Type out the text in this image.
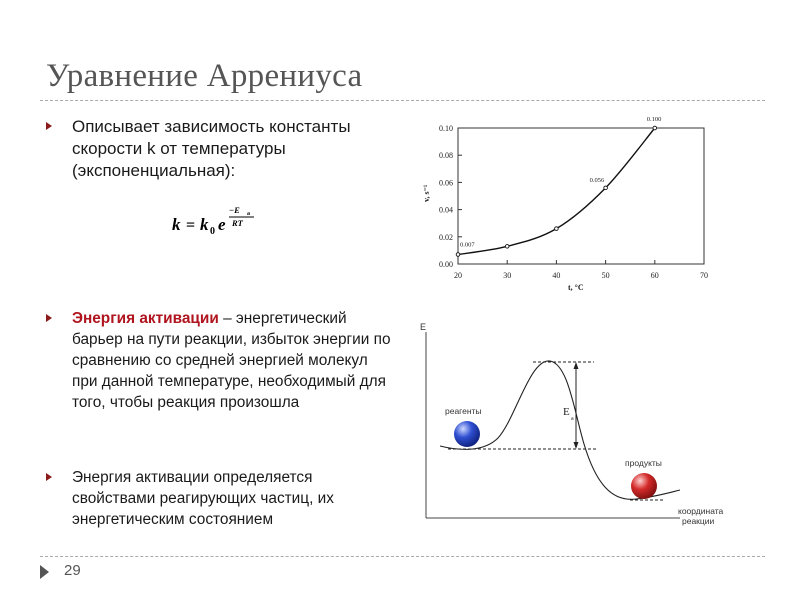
Уравнение Аррениуса
Описывает зависимость константы скорости k от температуры (экспоненциальная):
k = k 0 e
−E a
RT
Энергия активации – энергетический барьер на пути реакции, избыток энергии по сравнению со средней энергией молекул при данной температуре, необходимый для того, чтобы реакция произошла
Энергия активации определяется свойствами реагирующих частиц, их энергетическим состоянием
20	30	40	50	60	70
0.00
0.02
0.04
0.06
0.08
0.10
0.007
0.056
0.100
t, °C
v, s⁻¹
E
E
a
реагенты
продукты
координата
реакции
29
